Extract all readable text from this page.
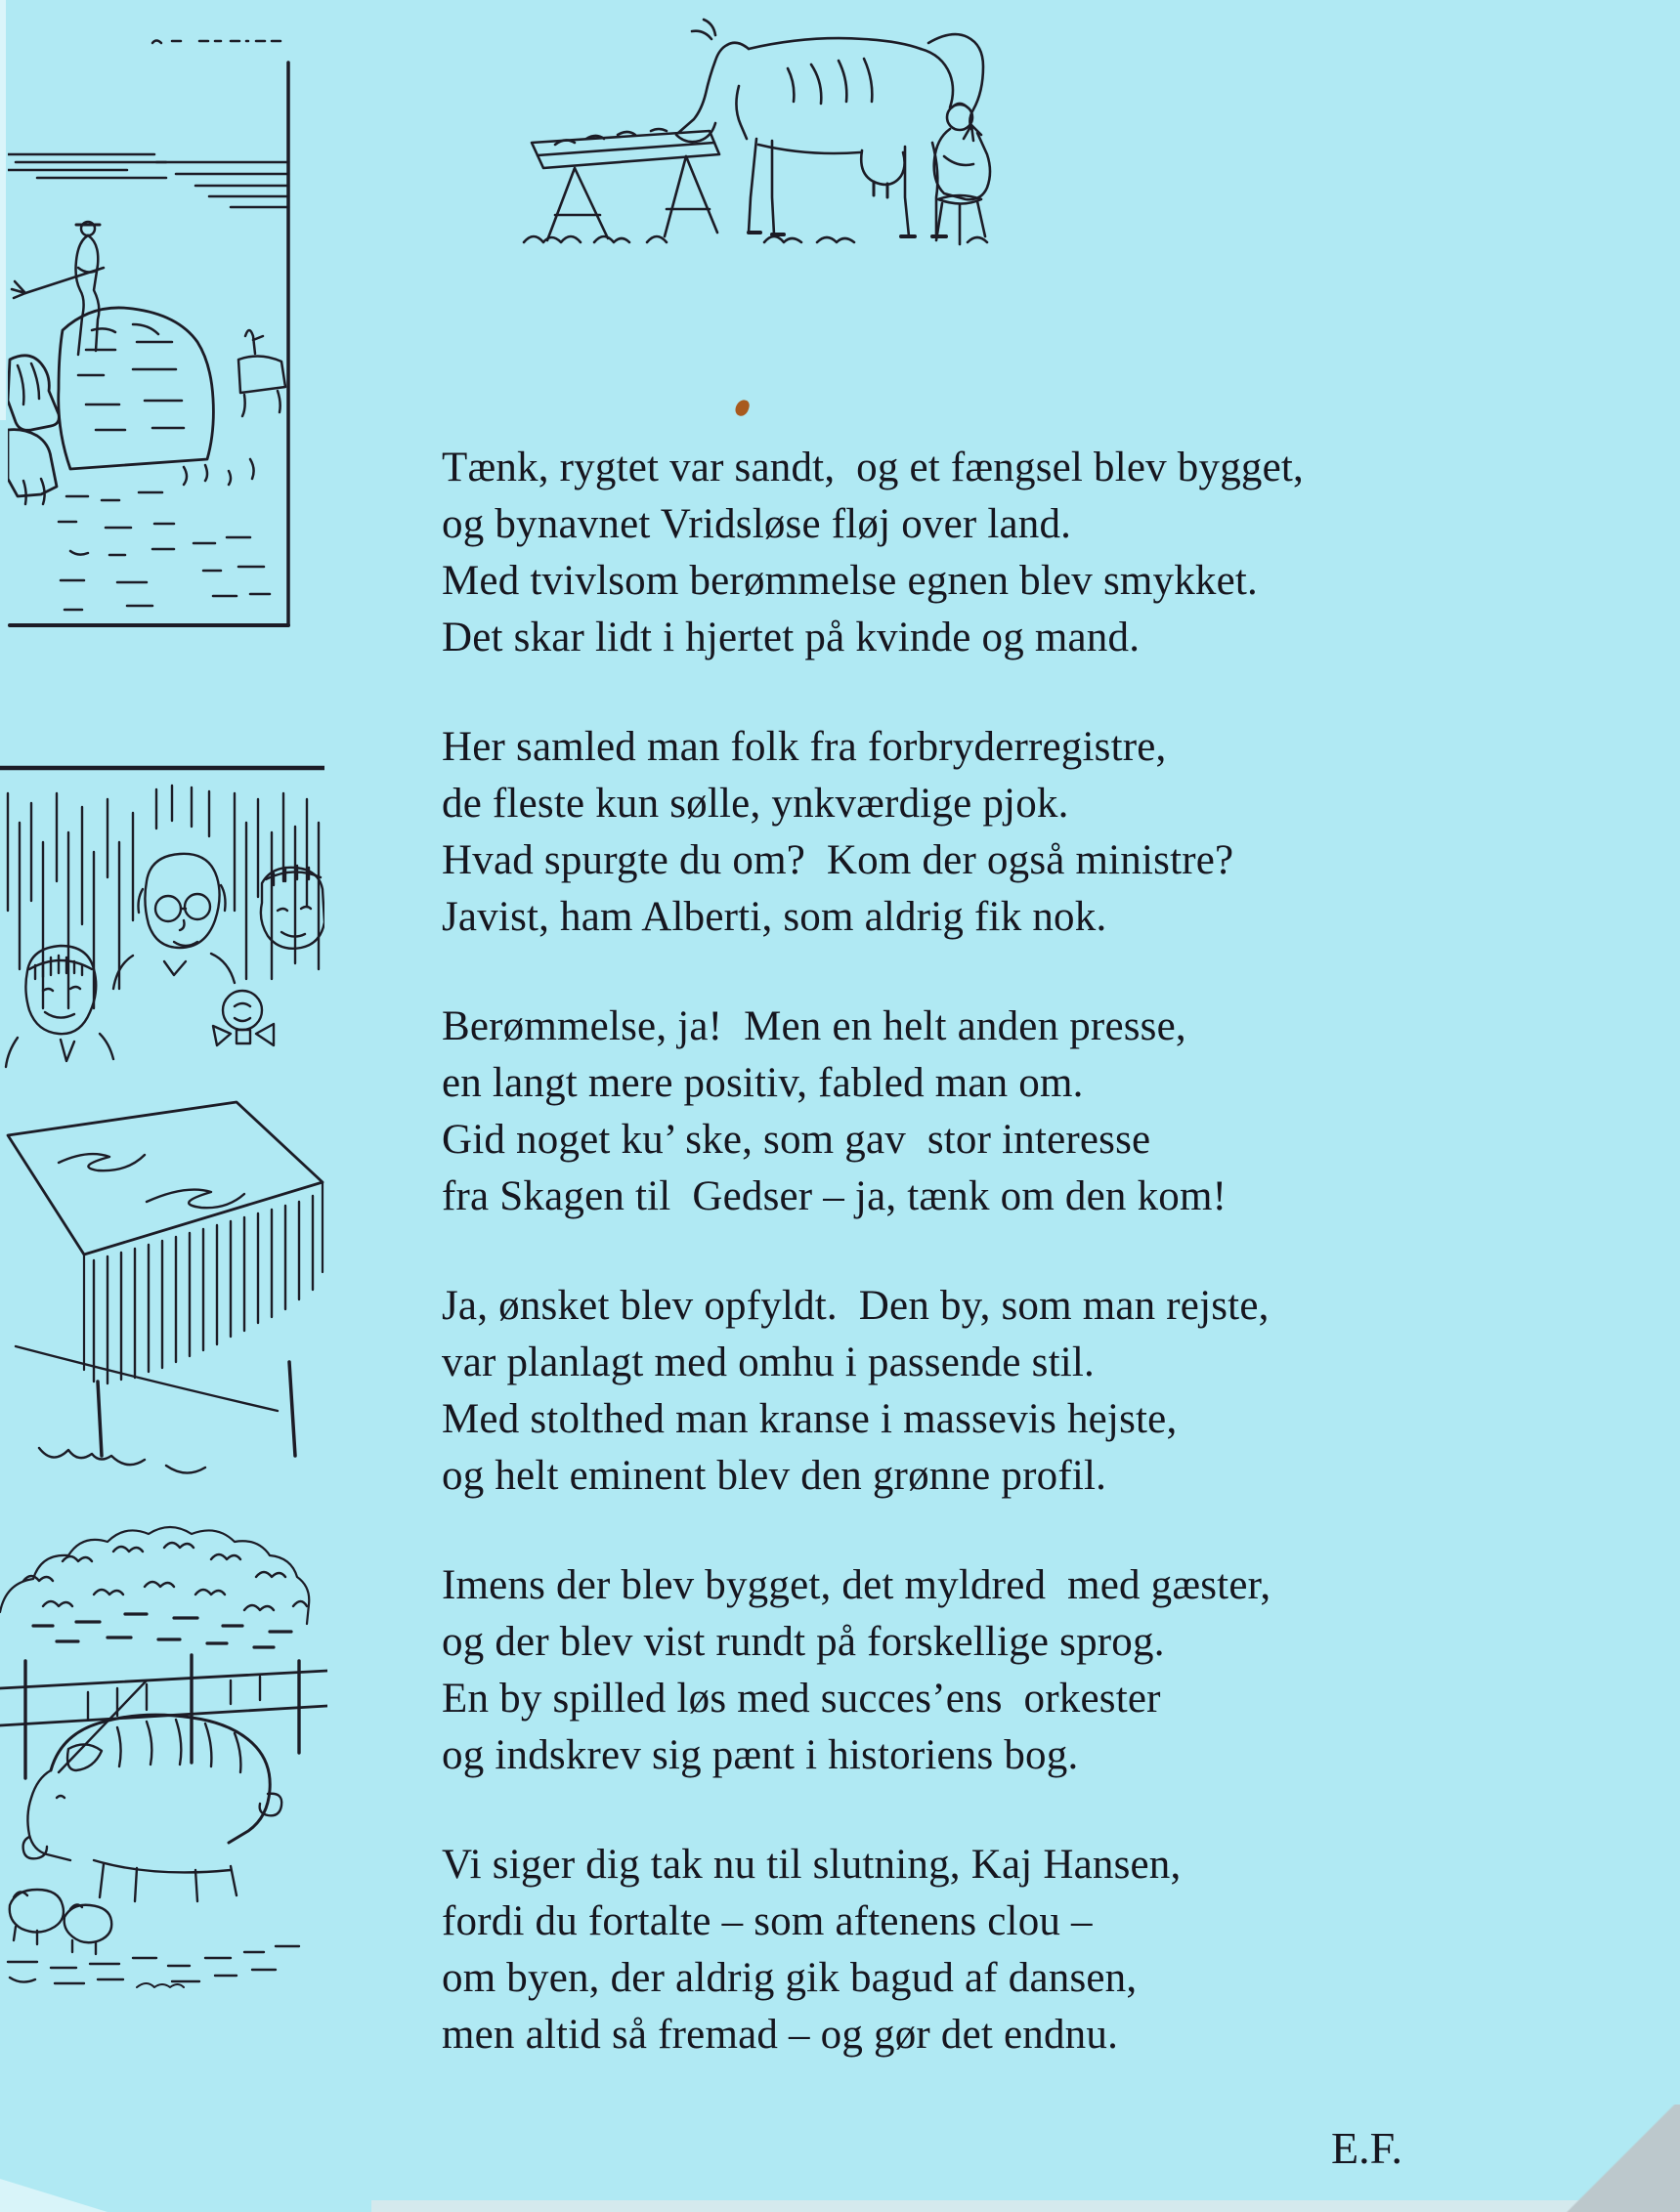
Tænk, rygtet var sandt,  og et fængsel blev bygget,
og bynavnet Vridsløse fløj over land.
Med tvivlsom berømmelse egnen blev smykket.
Det skar lidt i hjertet på kvinde og mand.
Her samled man folk fra forbryderregistre,
de fleste kun sølle, ynkværdige pjok.
Hvad spurgte du om?  Kom der også ministre?
Javist, ham Alberti, som aldrig fik nok.
Berømmelse, ja!  Men en helt anden presse,
en langt mere positiv, fabled man om.
Gid noget ku’ ske, som gav  stor interesse
fra Skagen til  Gedser – ja, tænk om den kom!
Ja, ønsket blev opfyldt.  Den by, som man rejste,
var planlagt med omhu i passende stil.
Med stolthed man kranse i massevis hejste,
og helt eminent blev den grønne profil.
Imens der blev bygget, det myldred  med gæster,
og der blev vist rundt på forskellige sprog.
En by spilled løs med succes’ens  orkester
og indskrev sig pænt i historiens bog.
Vi siger dig tak nu til slutning, Kaj Hansen,
fordi du fortalte – som aftenens clou –
om byen, der aldrig gik bagud af dansen,
men altid så fremad – og gør det endnu.
E.F.
